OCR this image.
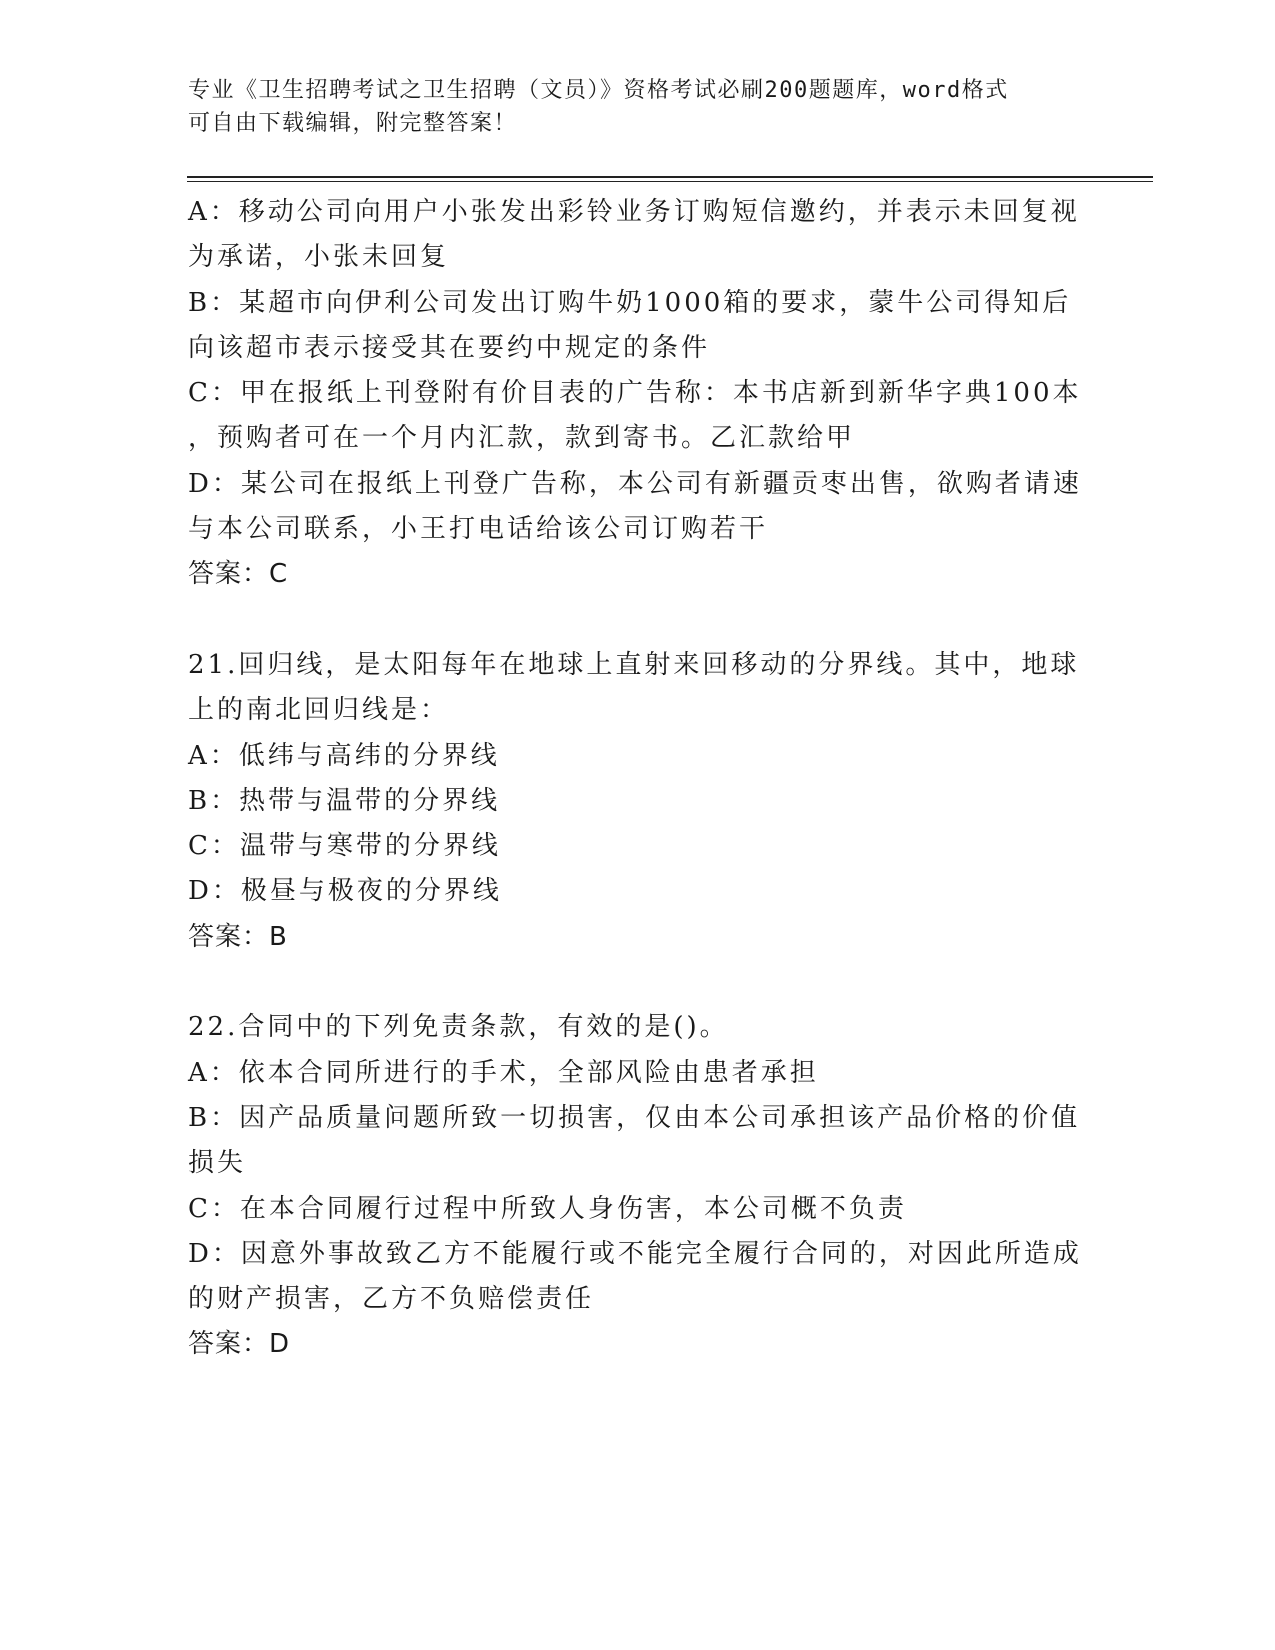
专业《卫生招聘考试之卫生招聘（文员）》资格考试必刷200题题库，word格式
可自由下载编辑，附完整答案！
A：移动公司向用户小张发出彩铃业务订购短信邀约，并表示未回复视
为承诺，小张未回复
B：某超市向伊利公司发出订购牛奶1000箱的要求，蒙牛公司得知后
向该超市表示接受其在要约中规定的条件
C：甲在报纸上刊登附有价目表的广告称：本书店新到新华字典100本
，预购者可在一个月内汇款，款到寄书。乙汇款给甲
D：某公司在报纸上刊登广告称，本公司有新疆贡枣出售，欲购者请速
与本公司联系，小王打电话给该公司订购若干
答案：C
21.回归线，是太阳每年在地球上直射来回移动的分界线。其中，地球
上的南北回归线是：
A：低纬与高纬的分界线
B：热带与温带的分界线
C：温带与寒带的分界线
D：极昼与极夜的分界线
答案：B
22.合同中的下列免责条款，有效的是()。
A：依本合同所进行的手术，全部风险由患者承担
B：因产品质量问题所致一切损害，仅由本公司承担该产品价格的价值
损失
C：在本合同履行过程中所致人身伤害，本公司概不负责
D：因意外事故致乙方不能履行或不能完全履行合同的，对因此所造成
的财产损害，乙方不负赔偿责任
答案：D
